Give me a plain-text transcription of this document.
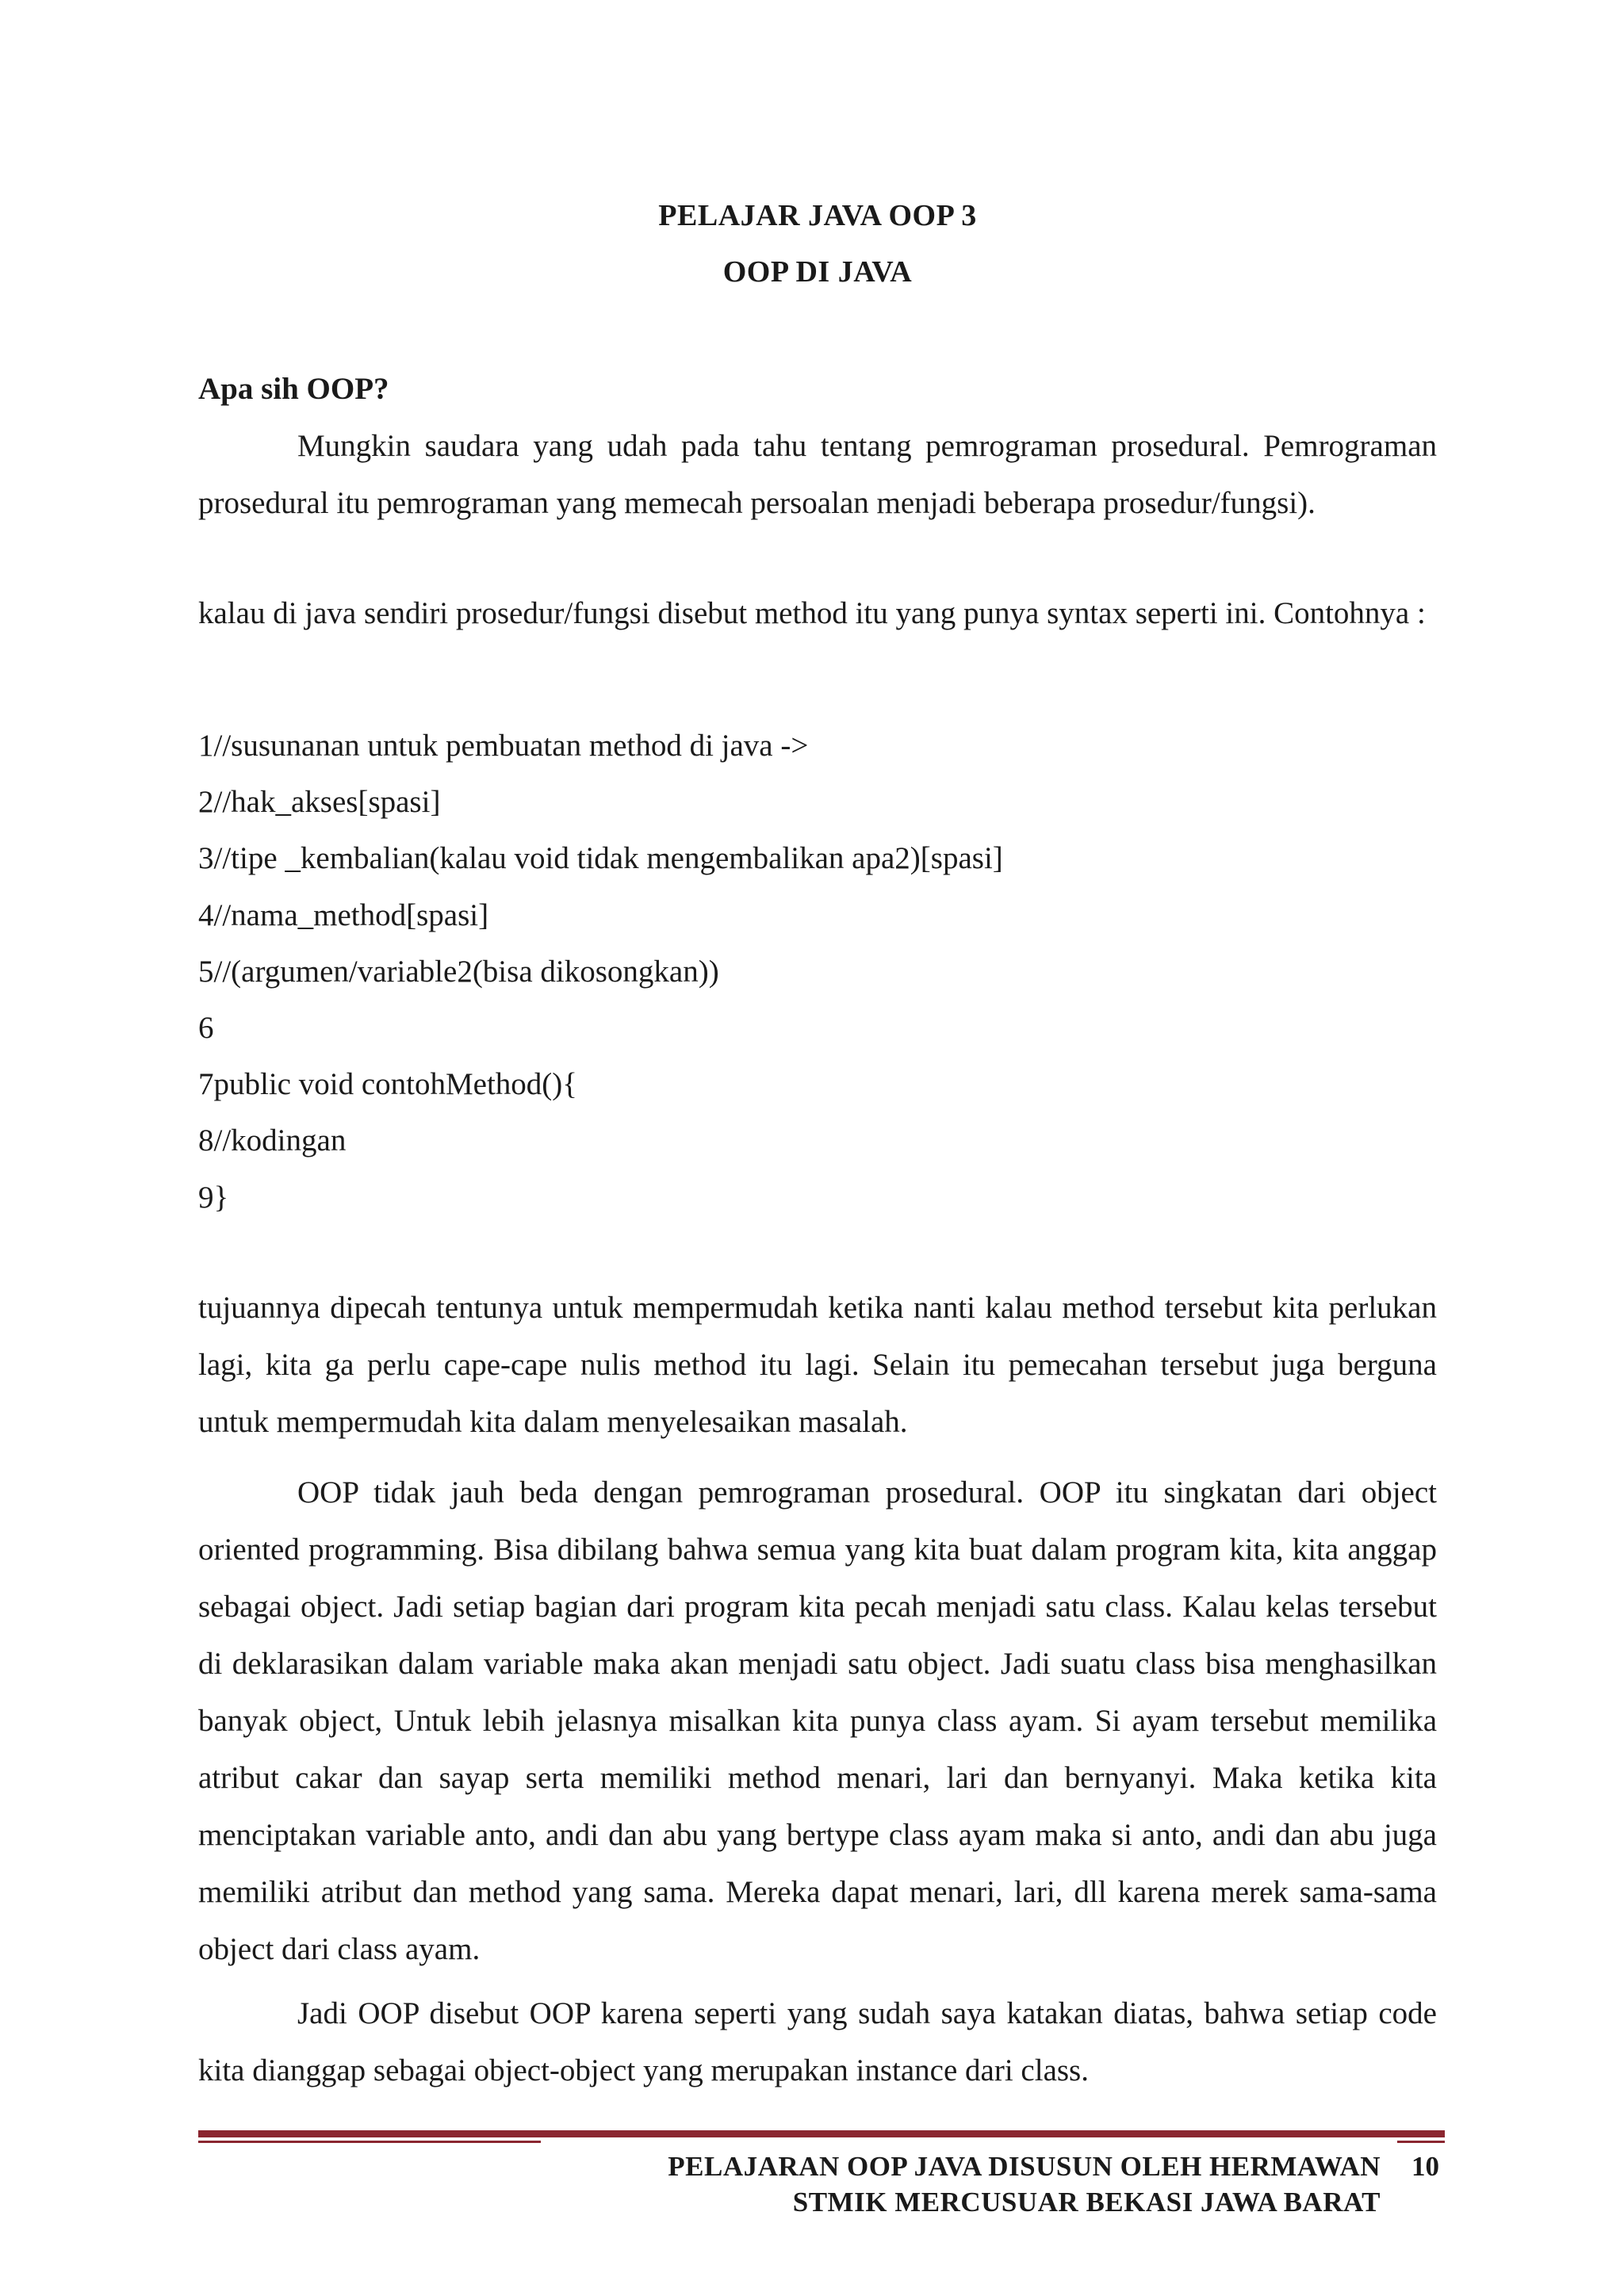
PELAJAR JAVA OOP 3
OOP DI JAVA
Apa sih OOP?

Mungkin saudara yang udah pada tahu tentang pemrograman prosedural. Pemrograman prosedural itu pemrograman yang memecah persoalan menjadi beberapa prosedur/fungsi).

kalau di java sendiri prosedur/fungsi disebut method itu yang punya syntax seperti ini. Contohnya :

1//susunanan untuk pembuatan method di java ->
2//hak_akses[spasi]
3//tipe _kembalian(kalau void tidak mengembalikan apa2)[spasi]
4//nama_method[spasi]
5//(argumen/variable2(bisa dikosongkan))
6
7public void contohMethod(){
8//kodingan
9}

tujuannya dipecah tentunya untuk mempermudah ketika nanti kalau method tersebut kita perlukan lagi, kita ga perlu cape-cape nulis method itu lagi. Selain itu pemecahan tersebut juga berguna untuk mempermudah kita dalam menyelesaikan masalah.

OOP tidak jauh beda dengan pemrograman prosedural. OOP itu singkatan dari object oriented programming. Bisa dibilang bahwa semua yang kita buat dalam program kita, kita anggap sebagai object. Jadi setiap bagian dari program kita pecah menjadi satu class. Kalau kelas tersebut di deklarasikan dalam variable maka akan menjadi satu object. Jadi suatu class bisa menghasilkan banyak object, Untuk lebih jelasnya misalkan kita punya class ayam. Si ayam tersebut memilika atribut cakar dan sayap serta memiliki method menari, lari dan bernyanyi. Maka ketika kita menciptakan variable anto, andi dan abu yang bertype class ayam maka si anto, andi dan abu juga memiliki atribut dan method yang sama. Mereka dapat menari, lari, dll karena merek sama-sama object dari class ayam.

Jadi OOP disebut OOP karena seperti yang sudah saya katakan diatas, bahwa setiap code kita dianggap sebagai object-object yang merupakan instance dari class.

PELAJARAN OOP JAVA DISUSUN OLEH HERMAWAN
STMIK MERCUSUAR BEKASI JAWA BARAT
10
